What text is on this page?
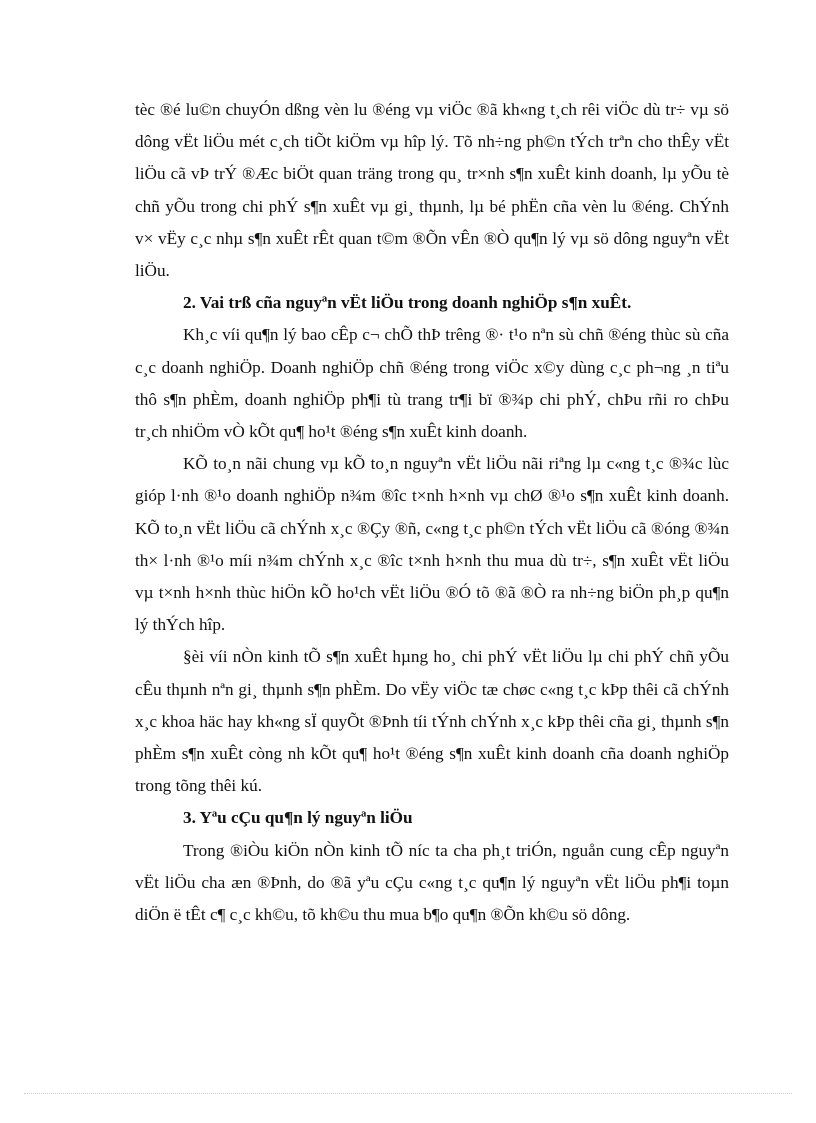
tèc ®é lu©n chuyÓn dßng vèn lu ®éng vµ viÖc ®ã kh«ng t¸ch rêi viÖc dù tr÷ vµ sö dông vËt liÖu mét c¸ch tiÕt kiÖm vµ hîp lý. Tõ nh÷ng ph©n tÝch trªn cho thÊy vËt liÖu cã vÞ trÝ ®Æc biÖt quan träng trong qu¸ tr×nh s¶n xuÊt kinh doanh, lµ yÕu tè chñ yÕu trong chi phÝ s¶n xuÊt vµ gi¸ thµnh, lµ bé phËn cña vèn lu ®éng. ChÝnh v× vËy c¸c nhµ s¶n xuÊt rÊt quan t©m ®Õn vÊn ®Ò qu¶n lý vµ sö dông nguyªn vËt liÖu.

2. Vai trß cña nguyªn vËt liÖu trong doanh nghiÖp s¶n xuÊt.

Kh¸c víi qu¶n lý bao cÊp c¬ chÕ thÞ trêng ®· t¹o nªn sù chñ ®éng thùc sù cña c¸c doanh nghiÖp. Doanh nghiÖp chñ ®éng trong viÖc x©y dùng c¸c ph¬ng ¸n tiªu thô s¶n phÈm, doanh nghiÖp ph¶i tù trang tr¶i bï ®¾p chi phÝ, chÞu rñi ro chÞu tr¸ch nhiÖm vÒ kÕt qu¶ ho¹t ®éng s¶n xuÊt kinh doanh.

KÕ to¸n nãi chung vµ kÕ to¸n nguyªn vËt liÖu nãi riªng lµ c«ng t¸c ®¾c lùc gióp l·nh ®¹o doanh nghiÖp n¾m ®îc t×nh h×nh vµ chØ ®¹o s¶n xuÊt kinh doanh. KÕ to¸n vËt liÖu cã chÝnh x¸c ®Çy ®ñ, c«ng t¸c ph©n tÝch vËt liÖu cã ®óng ®¾n th× l·nh ®¹o míi n¾m chÝnh x¸c ®îc t×nh h×nh thu mua dù tr÷, s¶n xuÊt vËt liÖu vµ t×nh h×nh thùc hiÖn kÕ ho¹ch vËt liÖu ®Ó tõ ®ã ®Ò ra nh÷ng biÖn ph¸p qu¶n lý thÝch hîp.

§èi víi nÒn kinh tÕ s¶n xuÊt hµng ho¸ chi phÝ vËt liÖu lµ chi phÝ chñ yÕu cÊu thµnh nªn gi¸ thµnh s¶n phÈm. Do vËy viÖc tæ chøc c«ng t¸c kÞp thêi cã chÝnh x¸c khoa häc hay kh«ng sÏ quyÕt ®Þnh tíi tÝnh chÝnh x¸c kÞp thêi cña gi¸ thµnh s¶n phÈm s¶n xuÊt còng nh kÕt qu¶ ho¹t ®éng s¶n xuÊt kinh doanh cña doanh nghiÖp trong tõng thêi kú.

3. Yªu cÇu qu¶n lý nguyªn liÖu

Trong ®iÒu kiÖn nÒn kinh tÕ níc ta cha ph¸t triÓn, nguån cung cÊp nguyªn vËt liÖu cha æn ®Þnh, do ®ã yªu cÇu c«ng t¸c qu¶n lý nguyªn vËt liÖu ph¶i toµn diÖn ë tÊt c¶ c¸c kh©u, tõ kh©u thu mua b¶o qu¶n ®Õn kh©u sö dông.
